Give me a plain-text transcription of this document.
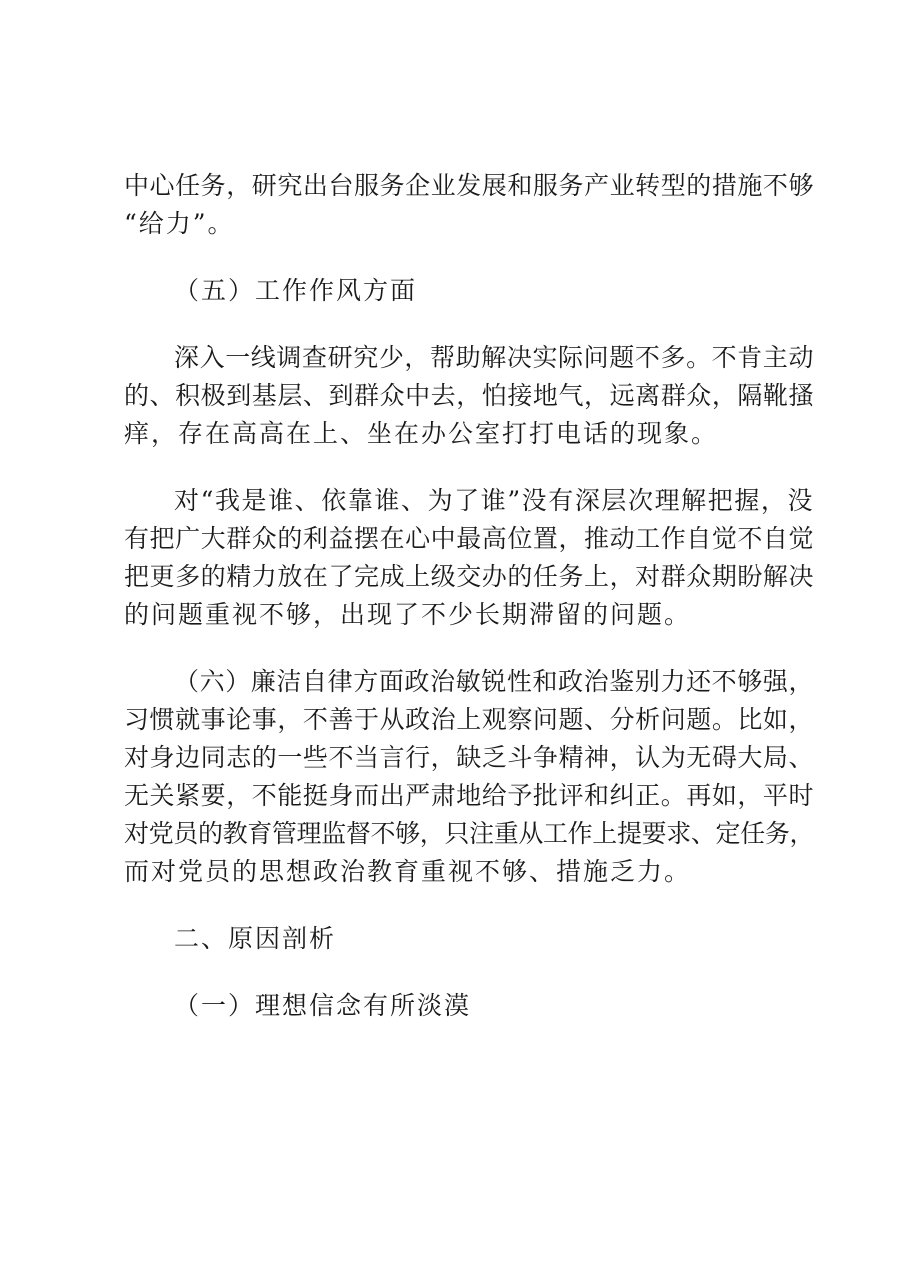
中心任务，研究出台服务企业发展和服务产业转型的措施不够
“给力”。
（五）工作作风方面
深入一线调查研究少，帮助解决实际问题不多。不肯主动
的、积极到基层、到群众中去，怕接地气，远离群众，隔靴搔
痒，存在高高在上、坐在办公室打打电话的现象。
对“我是谁、依靠谁、为了谁”没有深层次理解把握，没
有把广大群众的利益摆在心中最高位置，推动工作自觉不自觉
把更多的精力放在了完成上级交办的任务上，对群众期盼解决
的问题重视不够，出现了不少长期滞留的问题。
（六）廉洁自律方面政治敏锐性和政治鉴别力还不够强，
习惯就事论事，不善于从政治上观察问题、分析问题。比如，
对身边同志的一些不当言行，缺乏斗争精神，认为无碍大局、
无关紧要，不能挺身而出严肃地给予批评和纠正。再如，平时
对党员的教育管理监督不够，只注重从工作上提要求、定任务，
而对党员的思想政治教育重视不够、措施乏力。
二、原因剖析
（一）理想信念有所淡漠
